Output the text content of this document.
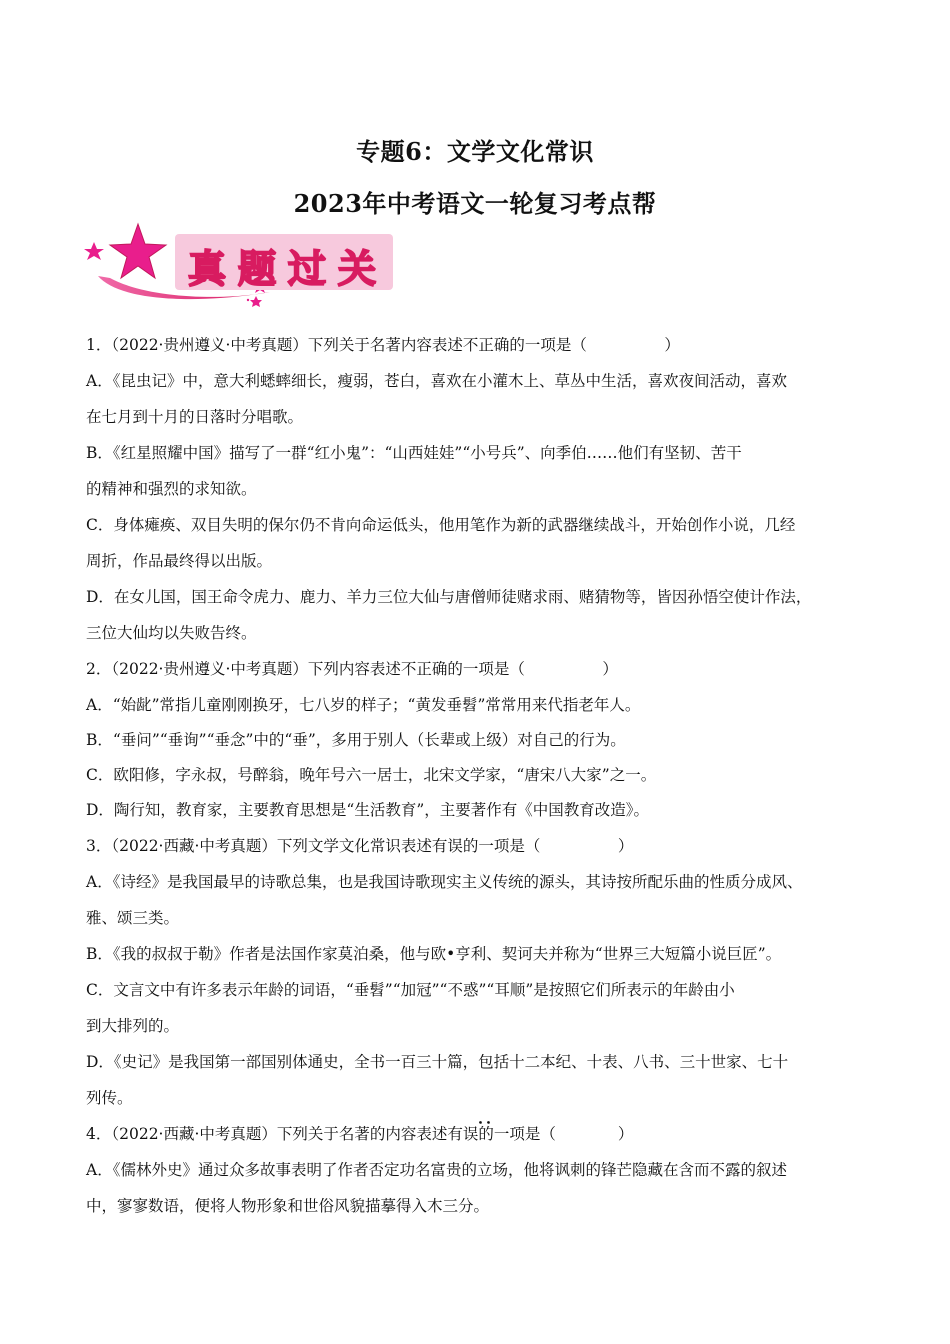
专题6：文学文化常识
2023年中考语文一轮复习考点帮
真题过关
1．（2022·贵州遵义·中考真题）下列关于名著内容表述不正确的一项是（　　　　　）
A．《昆虫记》中，意大利蟋蟀细长，瘦弱，苍白，喜欢在小灌木上、草丛中生活，喜欢夜间活动，喜欢
在七月到十月的日落时分唱歌。
B．《红星照耀中国》描写了一群“红小鬼”：“山西娃娃”“小号兵”、向季伯……他们有坚韧、苦干
的精神和强烈的求知欲。
C．身体瘫痪、双目失明的保尔仍不肯向命运低头，他用笔作为新的武器继续战斗，开始创作小说，几经
周折，作品最终得以出版。
D．在女儿国，国王命令虎力、鹿力、羊力三位大仙与唐僧师徒赌求雨、赌猜物等，皆因孙悟空使计作法，
三位大仙均以失败告终。
2．（2022·贵州遵义·中考真题）下列内容表述不正确的一项是（　　　　　）
A．“始龀”常指儿童刚刚换牙，七八岁的样子；“黄发垂髫”常常用来代指老年人。
B．“垂问”“垂询”“垂念”中的“垂”，多用于别人（长辈或上级）对自己的行为。
C．欧阳修，字永叔，号醉翁，晚年号六一居士，北宋文学家，“唐宋八大家”之一。
D．陶行知，教育家，主要教育思想是“生活教育”，主要著作有《中国教育改造》。
3．（2022·西藏·中考真题）下列文学文化常识表述有误的一项是（　　　　　）
A．《诗经》是我国最早的诗歌总集，也是我国诗歌现实主义传统的源头，其诗按所配乐曲的性质分成风、
雅、颂三类。
B．《我的叔叔于勒》作者是法国作家莫泊桑，他与欧•亨利、契诃夫并称为“世界三大短篇小说巨匠”。
C．文言文中有许多表示年龄的词语，“垂髫”“加冠”“不惑”“耳顺”是按照它们所表示的年龄由小
到大排列的。
D．《史记》是我国第一部国别体通史，全书一百三十篇，包括十二本纪、十表、八书、三十世家、七十
列传。
．．
4．（2022·西藏·中考真题）下列关于名著的内容表述有误的一项是（　　　　）
A．《儒林外史》通过众多故事表明了作者否定功名富贵的立场，他将讽刺的锋芒隐藏在含而不露的叙述
中，寥寥数语，便将人物形象和世俗风貌描摹得入木三分。
